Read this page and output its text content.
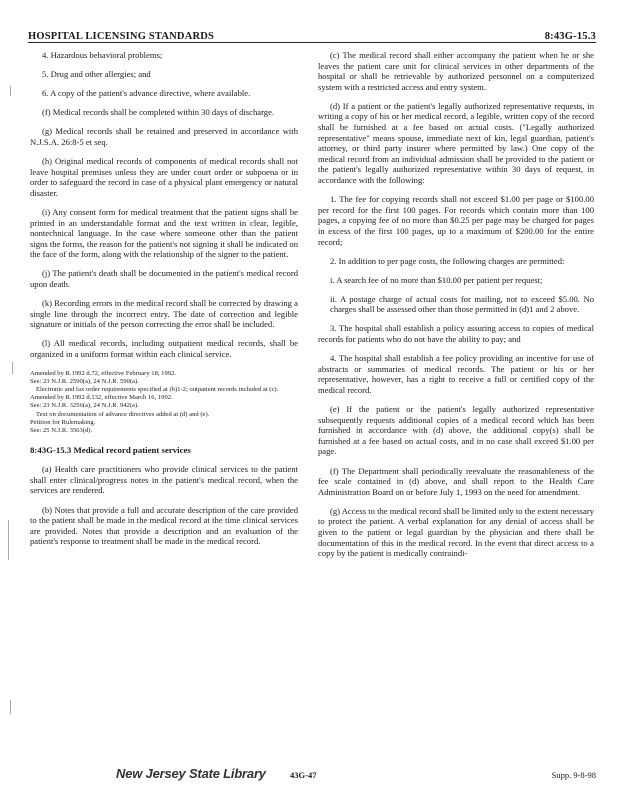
HOSPITAL LICENSING STANDARDS	8:43G-15.3

4. Hazardous behavioral problems;

5. Drug and other allergies; and

6. A copy of the patient's advance directive, where available.

(f) Medical records shall be completed within 30 days of discharge.

(g) Medical records shall be retained and preserved in accordance with N.J.S.A. 26:8-5 et seq.

(h) Original medical records of components of medical records shall not leave hospital premises unless they are under court order or subpoena or in order to safeguard the record in case of a physical plant emergency or natural disaster.

(i) Any consent form for medical treatment that the patient signs shall be printed in an understandable format and the text written in clear, legible, nontechnical language. In the case where someone other than the patient signs the forms, the reason for the patient's not signing it shall be indicated on the face of the form, along with the relationship of the signer to the patient.

(j) The patient's death shall be documented in the patient's medical record upon death.

(k) Recording errors in the medical record shall be corrected by drawing a single line through the incorrect entry. The date of correction and legible signature or initials of the person correcting the error shall be included.

(l) All medical records, including outpatient medical records, shall be organized in a uniform format within each clinical service.

Amended by R.1992 d.72, effective February 18, 1992.
See: 23 N.J.R. 2590(a), 24 N.J.R. 590(a).
Electronic and fax order requirements specified at (b)1-2; outpatient records included at (c).
Amended by R.1992 d.132, effective March 16, 1992.
See: 23 N.J.R. 3256(a), 24 N.J.R. 942(a).
Text on documentation of advance directives added at (d) and (e).
Petition for Rulemaking.
See: 25 N.J.R. 3563(d).

8:43G-15.3 Medical record patient services

(a) Health care practitioners who provide clinical services to the patient shall enter clinical/progress notes in the patient's medical record, when the services are rendered.

(b) Notes that provide a full and accurate description of the care provided to the patient shall be made in the medical record at the time clinical services are provided. Notes that provide a description and an evaluation of the patient's response to treatment shall be made in the medical record.

(c) The medical record shall either accompany the patient when he or she leaves the patient care unit for clinical services in other departments of the hospital or shall be retrievable by authorized personnel on a computerized system with a restricted access and entry system.

(d) If a patient or the patient's legally authorized representative requests, in writing a copy of his or her medical record, a legible, written copy of the record shall be furnished at a fee based on actual costs. ("Legally authorized representative" means spouse, immediate next of kin, legal guardian, patient's attorney, or third party insurer where permitted by law.) One copy of the medical record from an individual admission shall be provided to the patient or the patient's legally authorized representative within 30 days of request, in accordance with the following:

1. The fee for copying records shall not exceed $1.00 per page or $100.00 per record for the first 100 pages. For records which contain more than 100 pages, a copying fee of no more than $0.25 per page may be charged for pages in excess of the first 100 pages, up to a maximum of $200.00 for the entire record;

2. In addition to per page costs, the following charges are permitted:

i. A search fee of no more than $10.00 per patient per request;

ii. A postage charge of actual costs for mailing, not to exceed $5.00. No charges shall be assessed other than those permitted in (d)1 and 2 above.

3. The hospital shall establish a policy assuring access to copies of medical records for patients who do not have the ability to pay; and

4. The hospital shall establish a fee policy providing an incentive for use of abstracts or summaries of medical records. The patient or his or her representative, however, has a right to receive a full or certified copy of the medical record.

(e) If the patient or the patient's legally authorized representative subsequently requests additional copies of a medical record which has been furnished in accordance with (d) above, the additional copy(s) shall be furnished at a fee based on actual costs, and in no case shall exceed $1.00 per page.

(f) The Department shall periodically reevaluate the reasonableness of the fee scale contained in (d) above, and shall report to the Health Care Administration Board on or before July 1, 1993 on the need for amendment.

(g) Access to the medical record shall be limited only to the extent necessary to protect the patient. A verbal explanation for any denial of access shall be given to the patient or legal guardian by the physician and there shall be documentation of this in the medical record. In the event that direct access to a copy by the patient is medically contraindi-

New Jersey State Library	43G-47	Supp. 9-8-98
